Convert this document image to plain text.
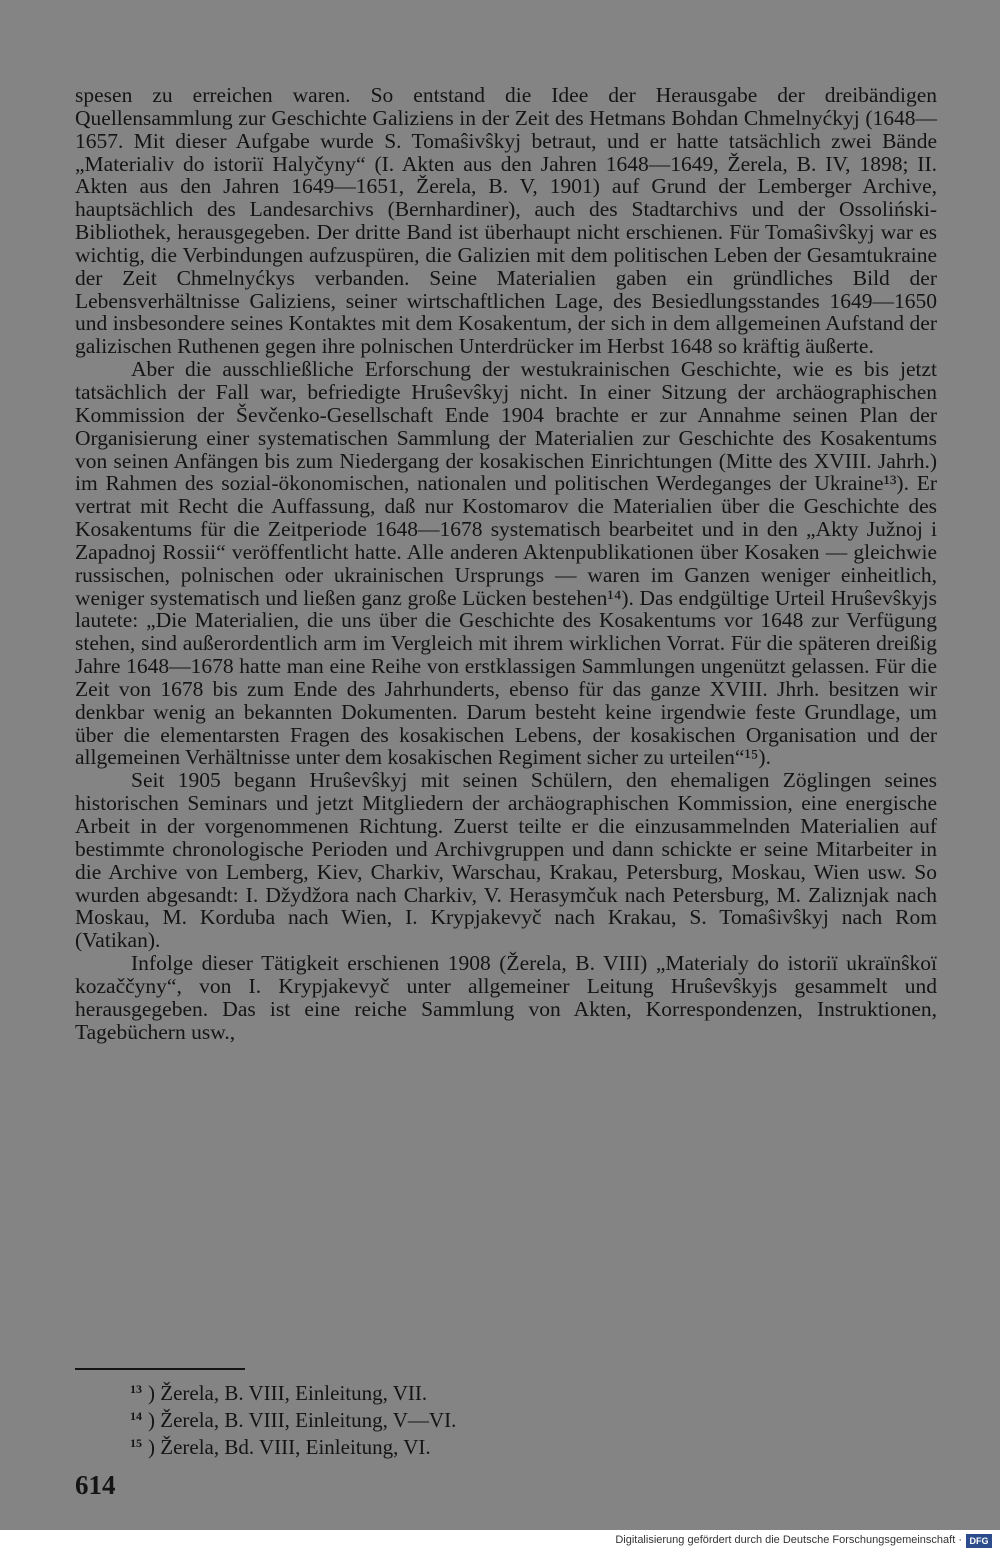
spesen zu erreichen waren. So entstand die Idee der Herausgabe der dreibändigen Quellensammlung zur Geschichte Galiziens in der Zeit des Hetmans Bohdan Chmelnyćkyj (1648—1657. Mit dieser Aufgabe wurde S. Tomaŝivŝkyj betraut, und er hatte tatsächlich zwei Bände „Materialiv do istoriï Halyčyny“ (I. Akten aus den Jahren 1648—1649, Žerela, B. IV, 1898; II. Akten aus den Jahren 1649—1651, Žerela, B. V, 1901) auf Grund der Lemberger Archive, hauptsächlich des Landesarchivs (Bernhardiner), auch des Stadtarchivs und der Ossoliński-Bibliothek, herausgegeben. Der dritte Band ist überhaupt nicht erschienen. Für Tomaŝivŝkyj war es wichtig, die Verbindungen aufzuspüren, die Galizien mit dem politischen Leben der Gesamtukraine der Zeit Chmelnyćkys verbanden. Seine Materialien gaben ein gründliches Bild der Lebensverhältnisse Galiziens, seiner wirtschaftlichen Lage, des Besiedlungsstandes 1649—1650 und insbesondere seines Kontaktes mit dem Kosakentum, der sich in dem allgemeinen Aufstand der galizischen Ruthenen gegen ihre polnischen Unterdrücker im Herbst 1648 so kräftig äußerte.

Aber die ausschließliche Erforschung der westukrainischen Geschichte, wie es bis jetzt tatsächlich der Fall war, befriedigte Hruŝevŝkyj nicht. In einer Sitzung der archäographischen Kommission der Ševčenko-Gesellschaft Ende 1904 brachte er zur Annahme seinen Plan der Organisierung einer systematischen Sammlung der Materialien zur Geschichte des Kosakentums von seinen Anfängen bis zum Niedergang der kosakischen Einrichtungen (Mitte des XVIII. Jahrh.) im Rahmen des sozial-ökonomischen, nationalen und politischen Werdeganges der Ukraine¹³). Er vertrat mit Recht die Auffassung, daß nur Kostomarov die Materialien über die Geschichte des Kosakentums für die Zeitperiode 1648—1678 systematisch bearbeitet und in den „Akty Južnoj i Zapadnoj Rossii“ veröffentlicht hatte. Alle anderen Aktenpublikationen über Kosaken — gleichwie russischen, polnischen oder ukrainischen Ursprungs — waren im Ganzen weniger einheitlich, weniger systematisch und ließen ganz große Lücken bestehen¹⁴). Das endgültige Urteil Hruŝevŝkyjs lautete: „Die Materialien, die uns über die Geschichte des Kosakentums vor 1648 zur Verfügung stehen, sind außerordentlich arm im Vergleich mit ihrem wirklichen Vorrat. Für die späteren dreißig Jahre 1648—1678 hatte man eine Reihe von erstklassigen Sammlungen ungenützt gelassen. Für die Zeit von 1678 bis zum Ende des Jahrhunderts, ebenso für das ganze XVIII. Jhrh. besitzen wir denkbar wenig an bekannten Dokumenten. Darum besteht keine irgendwie feste Grundlage, um über die elementarsten Fragen des kosakischen Lebens, der kosakischen Organisation und der allgemeinen Verhältnisse unter dem kosakischen Regiment sicher zu urteilen“¹⁵).

Seit 1905 begann Hruŝevŝkyj mit seinen Schülern, den ehemaligen Zöglingen seines historischen Seminars und jetzt Mitgliedern der archäographischen Kommission, eine energische Arbeit in der vorgenommenen Richtung. Zuerst teilte er die einzusammelnden Materialien auf bestimmte chronologische Perioden und Archivgruppen und dann schickte er seine Mitarbeiter in die Archive von Lemberg, Kiev, Charkiv, Warschau, Krakau, Petersburg, Moskau, Wien usw. So wurden abgesandt: I. Džydžora nach Charkiv, V. Herasymčuk nach Petersburg, M. Zaliznjak nach Moskau, M. Korduba nach Wien, I. Krypjakevyč nach Krakau, S. Tomaŝivŝkyj nach Rom (Vatikan).

Infolge dieser Tätigkeit erschienen 1908 (Žerela, B. VIII) „Materialy do istoriï ukraïnŝkoï kozaččyny“, von I. Krypjakevyč unter allgemeiner Leitung Hruŝevŝkyjs gesammelt und herausgegeben. Das ist eine reiche Sammlung von Akten, Korrespondenzen, Instruktionen, Tagebüchern usw.,

$^{13}$ ) Žerela, B. VIII, Einleitung, VII.
$^{14}$ ) Žerela, B. VIII, Einleitung, V—VI.
$^{15}$ ) Žerela, Bd. VIII, Einleitung, VI.
614
Digitalisierung gefördert durch die Deutsche Forschungsgemeinschaft · DFG
